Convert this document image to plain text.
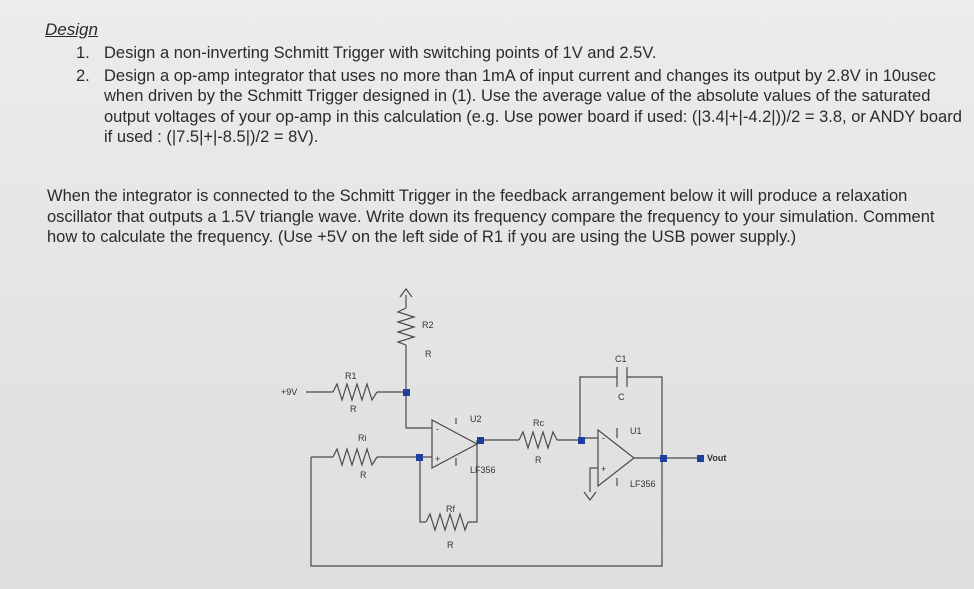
Design
1. Design a non-inverting Schmitt Trigger with switching points of 1V and 2.5V.
2. Design a op-amp integrator that uses no more than 1mA of input current and changes its output by 2.8V in 10usec when driven by the Schmitt Trigger designed in (1). Use the average value of the absolute values of the saturated output voltages of your op-amp in this calculation (e.g. Use power board if used: (|3.4|+|-4.2|))/2 = 3.8, or ANDY board if used : (|7.5|+|-8.5|)/2 = 8V).

When the integrator is connected to the Schmitt Trigger in the feedback arrangement below it will produce a relaxation oscillator that outputs a 1.5V triangle wave. Write down its frequency compare the frequency to your simulation. Comment how to calculate the frequency. (Use +5V on the left side of R1 if you are using the USB power supply.)

R1
R
+9V
R2
R
Ri
R
-
+
U2
LF356
Rf
R
Rc
R
C1
C
-
+
U1
LF356
Vout
